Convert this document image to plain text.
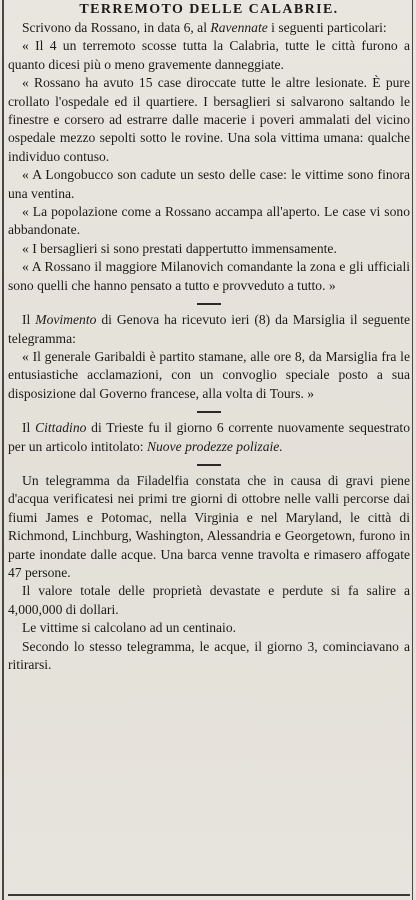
TERREMOTO DELLE CALABRIE.

Scrivono da Rossano, in data 6, al Ravennate i seguenti particolari:

« Il 4 un terremoto scosse tutta la Calabria, tutte le città furono a quanto dicesi più o meno gravemente danneggiate.

« Rossano ha avuto 15 case diroccate tutte le altre lesionate. È pure crollato l'ospedale ed il quartiere. I bersaglieri si salvarono saltando le finestre e corsero ad estrarre dalle macerie i poveri ammalati del vicino ospedale mezzo sepolti sotto le rovine. Una sola vittima umana: qualche individuo contuso.

« A Longobucco son cadute un sesto delle case: le vittime sono finora una ventina.

« La popolazione come a Rossano accampa all'aperto. Le case vi sono abbandonate.

« I bersaglieri si sono prestati dappertutto immensamente.

« A Rossano il maggiore Milanovich comandante la zona e gli ufficiali sono quelli che hanno pensato a tutto e provveduto a tutto. »

Il Movimento di Genova ha ricevuto ieri (8) da Marsiglia il seguente telegramma:

« Il generale Garibaldi è partito stamane, alle ore 8, da Marsiglia fra le entusiastiche acclamazioni, con un convoglio speciale posto a sua disposizione dal Governo francese, alla volta di Tours. »

Il Cittadino di Trieste fu il giorno 6 corrente nuovamente sequestrato per un articolo intitolato: Nuove prodezze polizaie.

Un telegramma da Filadelfia constata che in causa di gravi piene d'acqua verificatesi nei primi tre giorni di ottobre nelle valli percorse dai fiumi James e Potomac, nella Virginia e nel Maryland, le città di Richmond, Linchburg, Washington, Alessandria e Georgetown, furono in parte inondate dalle acque. Una barca venne travolta e rimasero affogate 47 persone.

Il valore totale delle proprietà devastate e perdute si fa salire a 4,000,000 di dollari.

Le vittime si calcolano ad un centinaio.

Secondo lo stesso telegramma, le acque, il giorno 3, cominciavano a ritirarsi.
